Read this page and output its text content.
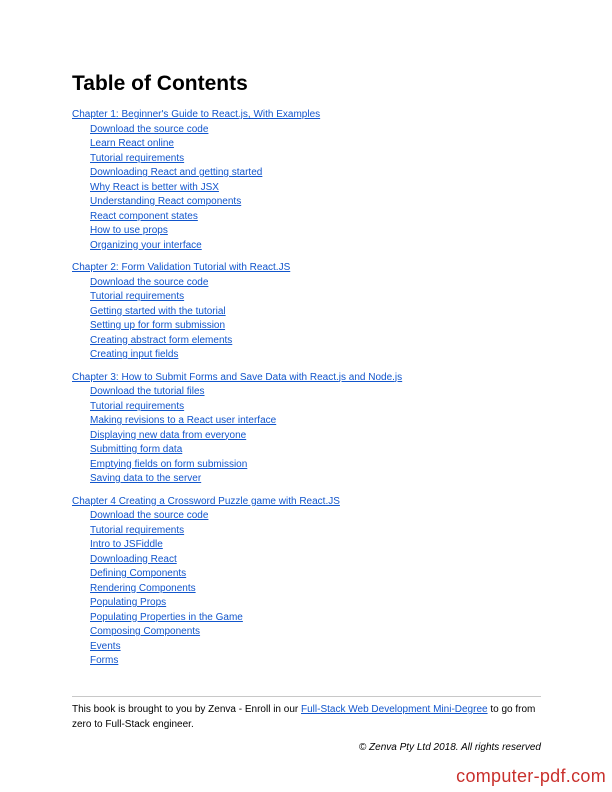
Table of Contents
Chapter 1: Beginner's Guide to React.js, With Examples
Download the source code
Learn React online
Tutorial requirements
Downloading React and getting started
Why React is better with JSX
Understanding React components
React component states
How to use props
Organizing your interface
Chapter 2: Form Validation Tutorial with React.JS
Download the source code
Tutorial requirements
Getting started with the tutorial
Setting up for form submission
Creating abstract form elements
Creating input fields
Chapter 3: How to Submit Forms and Save Data with React.js and Node.js
Download the tutorial files
Tutorial requirements
Making revisions to a React user interface
Displaying new data from everyone
Submitting form data
Emptying fields on form submission
Saving data to the server
Chapter 4 Creating a Crossword Puzzle game with React.JS
Download the source code
Tutorial requirements
Intro to JSFiddle
Downloading React
Defining Components
Rendering Components
Populating Props
Populating Properties in the Game
Composing Components
Events
Forms
This book is brought to you by Zenva - Enroll in our Full-Stack Web Development Mini-Degree to go from zero to Full-Stack engineer.
© Zenva Pty Ltd 2018. All rights reserved
computer-pdf.com
